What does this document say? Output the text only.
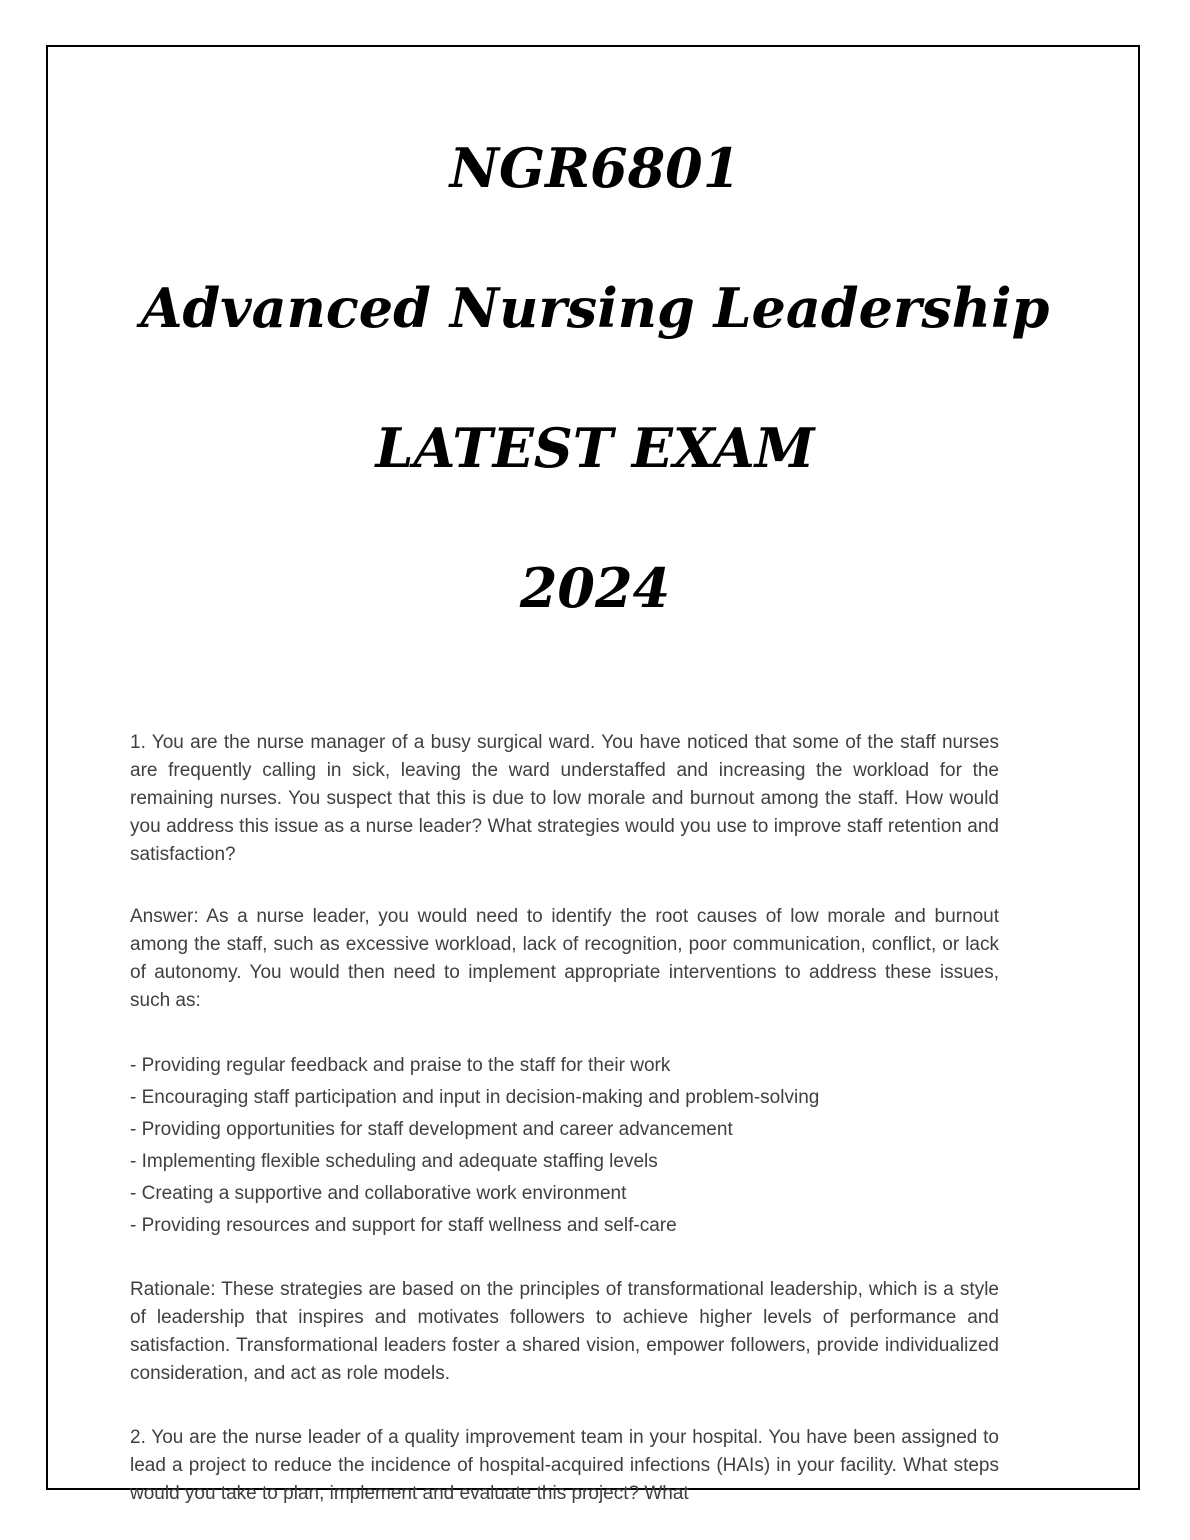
NGR6801
Advanced Nursing Leadership
LATEST EXAM
2024

1. You are the nurse manager of a busy surgical ward. You have noticed that some of the staff nurses are frequently calling in sick, leaving the ward understaffed and increasing the workload for the remaining nurses. You suspect that this is due to low morale and burnout among the staff. How would you address this issue as a nurse leader? What strategies would you use to improve staff retention and satisfaction?

Answer: As a nurse leader, you would need to identify the root causes of low morale and burnout among the staff, such as excessive workload, lack of recognition, poor communication, conflict, or lack of autonomy. You would then need to implement appropriate interventions to address these issues, such as:

- Providing regular feedback and praise to the staff for their work
- Encouraging staff participation and input in decision-making and problem-solving
- Providing opportunities for staff development and career advancement
- Implementing flexible scheduling and adequate staffing levels
- Creating a supportive and collaborative work environment
- Providing resources and support for staff wellness and self-care

Rationale: These strategies are based on the principles of transformational leadership, which is a style of leadership that inspires and motivates followers to achieve higher levels of performance and satisfaction. Transformational leaders foster a shared vision, empower followers, provide individualized consideration, and act as role models.

2. You are the nurse leader of a quality improvement team in your hospital. You have been assigned to lead a project to reduce the incidence of hospital-acquired infections (HAIs) in your facility. What steps would you take to plan, implement and evaluate this project? What
